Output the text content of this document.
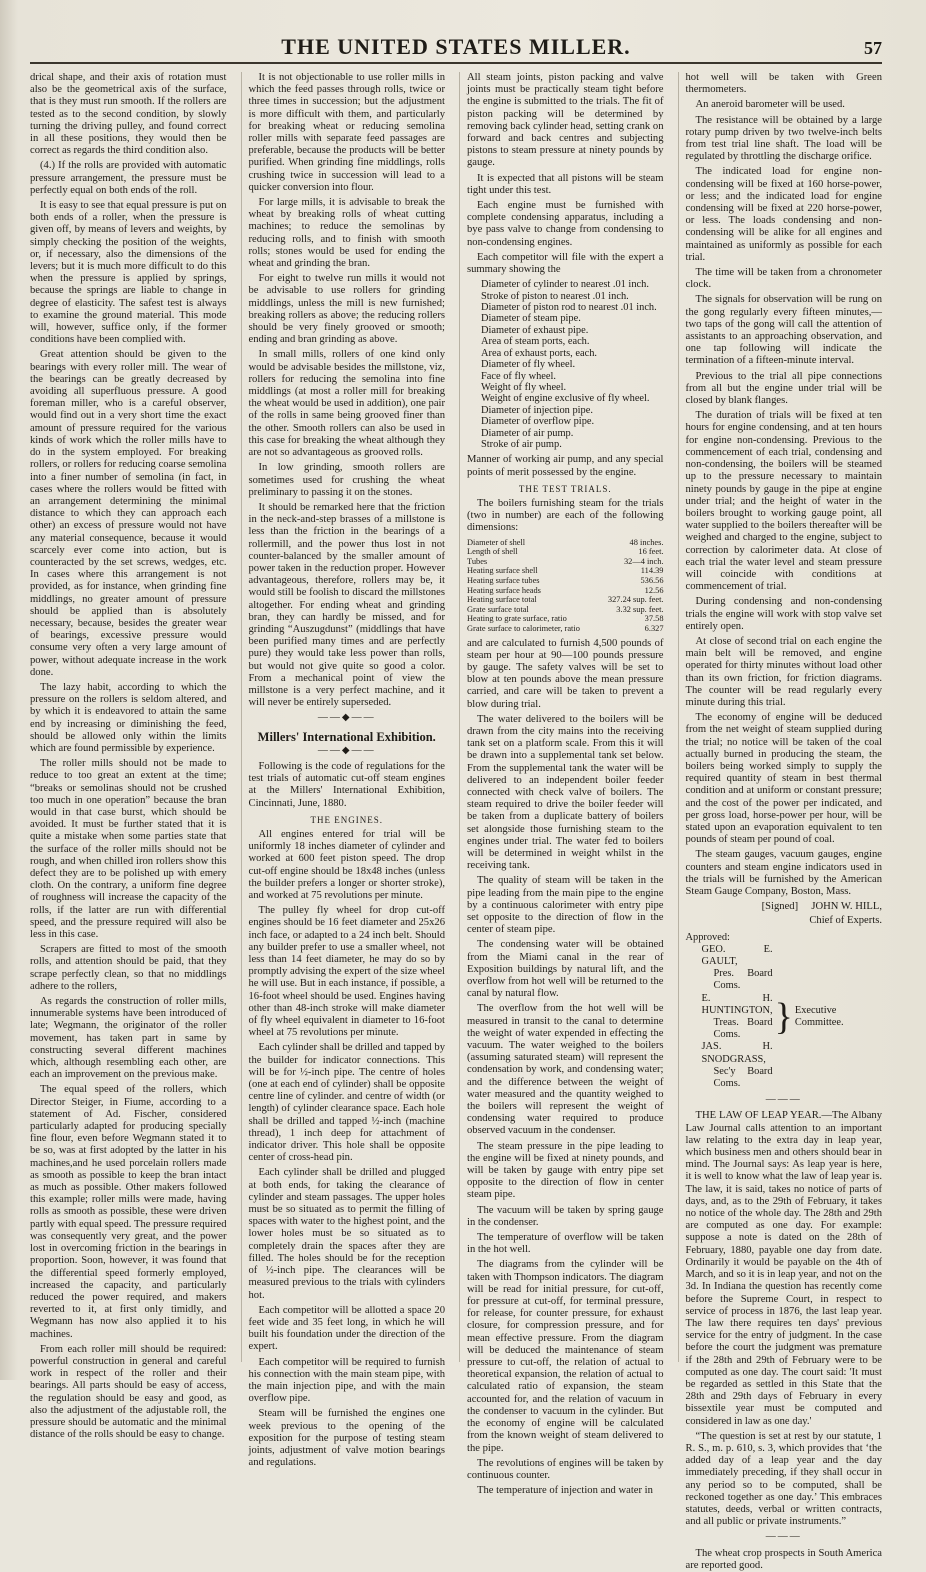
THE UNITED STATES MILLER.	57

drical shape, and their axis of rotation must also be the geometrical axis of the surface, that is they must run smooth. If the rollers are tested as to the second condition, by slowly turning the driving pulley, and found correct in all these positions, they would then be correct as regards the third condition also.

(4.) If the rolls are provided with automatic pressure arrangement, the pressure must be perfectly equal on both ends of the roll.

It is easy to see that equal pressure is put on both ends of a roller, when the pressure is given off, by means of levers and weights, by simply checking the position of the weights, or, if necessary, also the dimensions of the levers; but it is much more difficult to do this when the pressure is applied by springs, because the springs are liable to change in degree of elasticity. The safest test is always to examine the ground material. This mode will, however, suffice only, if the former conditions have been complied with.

Great attention should be given to the bearings with every roller mill. The wear of the bearings can be greatly decreased by avoiding all superfluous pressure. A good foreman miller, who is a careful observer, would find out in a very short time the exact amount of pressure required for the various kinds of work which the roller mills have to do in the system employed. For breaking rollers, or rollers for reducing coarse semolina into a finer number of semolina (in fact, in cases where the rollers would be fitted with an arrangement determining the minimal distance to which they can approach each other) an excess of pressure would not have any material consequence, because it would scarcely ever come into action, but is counteracted by the set screws, wedges, etc. In cases where this arrangement is not provided, as for instance, when grinding fine middlings, no greater amount of pressure should be applied than is absolutely necessary, because, besides the greater wear of bearings, excessive pressure would consume very often a very large amount of power, without adequate increase in the work done.

The lazy habit, according to which the pressure on the rollers is seldom altered, and by which it is endeavored to attain the same end by increasing or diminishing the feed, should be allowed only within the limits which are found permissible by experience.

The roller mills should not be made to reduce to too great an extent at the time; “breaks or semolinas should not be crushed too much in one operation” because the bran would in that case burst, which should be avoided. It must be further stated that it is quite a mistake when some parties state that the surface of the roller mills should not be rough, and when chilled iron rollers show this defect they are to be polished up with emery cloth. On the contrary, a uniform fine degree of roughness will increase the capacity of the rolls, if the latter are run with differential speed, and the pressure required will also be less in this case.

Scrapers are fitted to most of the smooth rolls, and attention should be paid, that they scrape perfectly clean, so that no middlings adhere to the rollers,

As regards the construction of roller mills, innumerable systems have been introduced of late; Wegmann, the originator of the roller movement, has taken part in same by constructing several different machines which, although resembling each other, are each an improvement on the previous make.

The equal speed of the rollers, which Director Steiger, in Fiume, according to a statement of Ad. Fischer, considered particularly adapted for producing specially fine flour, even before Wegmann stated it to be so, was at first adopted by the latter in his machines,and he used porcelain rollers made as smooth as possible to keep the bran intact as much as possible. Other makers followed this example; roller mills were made, having rolls as smooth as possible, these were driven partly with equal speed. The pressure required was consequently very great, and the power lost in overcoming friction in the bearings in proportion. Soon, however, it was found that the differential speed formerly employed, increased the capacity, and particularly reduced the power required, and makers reverted to it, at first only timidly, and Wegmann has now also applied it to his machines.

From each roller mill should be required: powerful construction in general and careful work in respect of the roller and their bearings. All parts should be easy of access, the regulation should be easy and good, as also the adjustment of the adjustable roll, the pressure should be automatic and the minimal distance of the rolls should be easy to change.

It is not objectionable to use roller mills in which the feed passes through rolls, twice or three times in succession; but the adjustment is more difficult with them, and particularly for breaking wheat or reducing semolina roller mills with separate feed passages are preferable, because the products will be better purified. When grinding fine middlings, rolls crushing twice in succession will lead to a quicker conversion into flour.

For large mills, it is advisable to break the wheat by breaking rolls of wheat cutting machines; to reduce the semolinas by reducing rolls, and to finish with smooth rolls; stones would be used for ending the wheat and grinding the bran.

For eight to twelve run mills it would not be advisable to use rollers for grinding middlings, unless the mill is new furnished; breaking rollers as above; the reducing rollers should be very finely grooved or smooth; ending and bran grinding as above.

In small mills, rollers of one kind only would be advisable besides the millstone, viz, rollers for reducing the semolina into fine middlings (at most a roller mill for breaking the wheat would be used in addition), one pair of the rolls in same being grooved finer than the other. Smooth rollers can also be used in this case for breaking the wheat although they are not so advantageous as grooved rolls.

In low grinding, smooth rollers are sometimes used for crushing the wheat preliminary to passing it on the stones.

It should be remarked here that the friction in the neck-and-step brasses of a millstone is less than the friction in the bearings of a rollermill, and the power thus lost in not counter-balanced by the smaller amount of power taken in the reduction proper. However advantageous, therefore, rollers may be, it would still be foolish to discard the millstones altogether. For ending wheat and grinding bran, they can hardly be missed, and for grinding “Auszugdunst” (middlings that have been purified many times and are perfectly pure) they would take less power than rolls, but would not give quite so good a color. From a mechanical point of view the millstone is a very perfect machine, and it will never be entirely superseded.

——◆——
Millers' International Exhibition.
——◆——

Following is the code of regulations for the test trials of automatic cut-off steam engines at the Millers' International Exhibition, Cincinnati, June, 1880.

THE ENGINES.

All engines entered for trial will be uniformly 18 inches diameter of cylinder and worked at 600 feet piston speed. The drop cut-off engine should be 18x48 inches (unless the builder prefers a longer or shorter stroke), and worked at 75 revolutions per minute.

The pulley fly wheel for drop cut-off engines should be 16 feet diameter and 25x26 inch face, or adapted to a 24 inch belt. Should any builder prefer to use a smaller wheel, not less than 14 feet diameter, he may do so by promptly advising the expert of the size wheel he will use. But in each instance, if possible, a 16-foot wheel should be used. Engines having other than 48-inch stroke will make diameter of fly wheel equivalent in diameter to 16-foot wheel at 75 revolutions per minute.

Each cylinder shall be drilled and tapped by the builder for indicator connections. This will be for ½-inch pipe. The centre of holes (one at each end of cylinder) shall be opposite centre line of cylinder. and centre of width (or length) of cylinder clearance space. Each hole shall be drilled and tapped ½-inch (machine thread), 1 inch deep for attachment of indicator driver. This hole shall be opposite center of cross-head pin.

Each cylinder shall be drilled and plugged at both ends, for taking the clearance of cylinder and steam passages. The upper holes must be so situated as to permit the filling of spaces with water to the highest point, and the lower holes must be so situated as to completely drain the spaces after they are filled. The holes should be for the reception of ½-inch pipe. The clearances will be measured previous to the trials with cylinders hot.

Each competitor will be allotted a space 20 feet wide and 35 feet long, in which he will built his foundation under the direction of the expert.

Each competitor will be required to furnish his connection with the main steam pipe, with the main injection pipe, and with the main overflow pipe.

Steam will be furnished the engines one week previous to the opening of the exposition for the purpose of testing steam joints, adjustment of valve motion bearings and regulations.

All steam joints, piston packing and valve joints must be practically steam tight before the engine is submitted to the trials. The fit of piston packing will be determined by removing back cylinder head, setting crank on forward and back centres and subjecting pistons to steam pressure at ninety pounds by gauge.

It is expected that all pistons will be steam tight under this test.

Each engine must be furnished with complete condensing apparatus, including a bye pass valve to change from condensing to non-condensing engines.

Each competitor will file with the expert a summary showing the

Diameter of cylinder to nearest .01 inch.
Stroke of piston to nearest .01 inch.
Diameter of piston rod to nearest .01 inch.
Diameter of steam pipe.
Diameter of exhaust pipe.
Area of steam ports, each.
Area of exhaust ports, each.
Diameter of fly wheel.
Face of fly wheel.
Weight of fly wheel.
Weight of engine exclusive of fly wheel.
Diameter of injection pipe.
Diameter of overflow pipe.
Diameter of air pump.
Stroke of air pump.

Manner of working air pump, and any special points of merit possessed by the engine.

THE TEST TRIALS.

The boilers furnishing steam for the trials (two in number) are each of the following dimensions:

Diameter of shell	48 inches.
Length of shell	16 feet.
Tubes	32—4 inch.
Heating surface shell	114.39
Heating surface tubes	536.56
Heating surface heads	12.56
Heating surface total	327.24 sup. feet.
Grate surface total	3.32 sup. feet.
Heating to grate surface, ratio	37.58
Grate surface to calorimeter, ratio	6.327

and are calculated to furnish 4,500 pounds of steam per hour at 90—100 pounds pressure by gauge. The safety valves will be set to blow at ten pounds above the mean pressure carried, and care will be taken to prevent a blow during trial.

The water delivered to the boilers will be drawn from the city mains into the receiving tank set on a platform scale. From this it will be drawn into a supplemental tank set below. From the supplemental tank the water will be delivered to an independent boiler feeder connected with check valve of boilers. The steam required to drive the boiler feeder will be taken from a duplicate battery of boilers set alongside those furnishing steam to the engines under trial. The water fed to boilers will be determined in weight whilst in the receiving tank.

The quality of steam will be taken in the pipe leading from the main pipe to the engine by a continuous calorimeter with entry pipe set opposite to the direction of flow in the center of steam pipe.

The condensing water will be obtained from the Miami canal in the rear of Exposition buildings by natural lift, and the overflow from hot well will be returned to the canal by natural flow.

The overflow from the hot well will be measured in transit to the canal to determine the weight of water expended in effecting the vacuum. The water weighed to the boilers (assuming saturated steam) will represent the condensation by work, and condensing water; and the difference between the weight of water measured and the quantity weighed to the boilers will represent the weight of condensing water required to produce observed vacuum in the condenser.

The steam pressure in the pipe leading to the engine will be fixed at ninety pounds, and will be taken by gauge with entry pipe set opposite to the direction of flow in center steam pipe.

The vacuum will be taken by spring gauge in the condenser.

The temperature of overflow will be taken in the hot well.

The diagrams from the cylinder will be taken with Thompson indicators. The diagram will be read for initial pressure, for cut-off, for pressure at cut-off, for terminal pressure, for release, for counter pressure, for exhaust closure, for compression pressure, and for mean effective pressure. From the diagram will be deduced the maintenance of steam pressure to cut-off, the relation of actual to theoretical expansion, the relation of actual to calculated ratio of expansion, the steam accounted for, and the relation of vacuum in the condenser to vacuum in the cylinder. But the economy of engine will be calculated from the known weight of steam delivered to the pipe.

The revolutions of engines will be taken by continuous counter.

The temperature of injection and water in

hot well will be taken with Green thermometers.

An aneroid barometer will be used.

The resistance will be obtained by a large rotary pump driven by two twelve-inch belts from test trial line shaft. The load will be regulated by throttling the discharge orifice.

The indicated load for engine non-condensing will be fixed at 160 horse-power, or less; and the indicated load for engine condensing will be fixed at 220 horse-power, or less. The loads condensing and non-condensing will be alike for all engines and maintained as uniformly as possible for each trial.

The time will be taken from a chronometer clock.

The signals for observation will be rung on the gong regularly every fifteen minutes,—two taps of the gong will call the attention of assistants to an approaching observation, and one tap following will indicate the termination of a fifteen-minute interval.

Previous to the trial all pipe connections from all but the engine under trial will be closed by blank flanges.

The duration of trials will be fixed at ten hours for engine condensing, and at ten hours for engine non-condensing. Previous to the commencement of each trial, condensing and non-condensing, the boilers will be steamed up to the pressure necessary to maintain ninety pounds by gauge in the pipe at engine under trial; and the height of water in the boilers brought to working gauge point, all water supplied to the boilers thereafter will be weighed and charged to the engine, subject to correction by calorimeter data. At close of each trial the water level and steam pressure will coincide with conditions at commencement of trial.

During condensing and non-condensing trials the engine will work with stop valve set entirely open.

At close of second trial on each engine the main belt will be removed, and engine operated for thirty minutes without load other than its own friction, for friction diagrams. The counter will be read regularly every minute during this trial.

The economy of engine will be deduced from the net weight of steam supplied during the trial; no notice will be taken of the coal actually burned in producing the steam, the boilers being worked simply to supply the required quantity of steam in best thermal condition and at uniform or constant pressure; and the cost of the power per indicated, and per gross load, horse-power per hour, will be stated upon an evaporation equivalent to ten pounds of steam per pound of coal.

The steam gauges, vacuum gauges, engine counters and steam engine indicators used in the trials will be furnished by the American Steam Gauge Company, Boston, Mass.

[Signed] JOHN W. HILL,
Chief of Experts.
Approved:
GEO. E. GAULT,
Pres. Board Coms.
E. H. HUNTINGTON,
Treas. Board Coms.
JAS. H. SNODGRASS,
Sec'y Board Coms.
} Executive Committee.
———

THE LAW OF LEAP YEAR.—The Albany Law Journal calls attention to an important law relating to the extra day in leap year, which business men and others should bear in mind. The Journal says: As leap year is here, it is well to know what the law of leap year is. The law, it is said, takes no notice of parts of days, and, as to the 29th of February, it takes no notice of the whole day. The 28th and 29th are computed as one day. For example: suppose a note is dated on the 28th of February, 1880, payable one day from date. Ordinarily it would be payable on the 4th of March, and so it is in leap year, and not on the 3d. In Indiana the question has recently come before the Supreme Court, in respect to service of process in 1876, the last leap year. The law there requires ten days' previous service for the entry of judgment. In the case before the court the judgment was premature if the 28th and 29th of February were to be computed as one day. The court said: 'It must be regarded as settled in this State that the 28th and 29th days of February in every bissextile year must be computed and considered in law as one day.'

“The question is set at rest by our statute, 1 R. S., m. p. 610, s. 3, which provides that ‘the added day of a leap year and the day immediately preceding, if they shall occur in any period so to be computed, shall be reckoned together as one day.’ This embraces statutes, deeds, verbal or written contracts, and all public or private instruments.”

———

The wheat crop prospects in South America are reported good.
